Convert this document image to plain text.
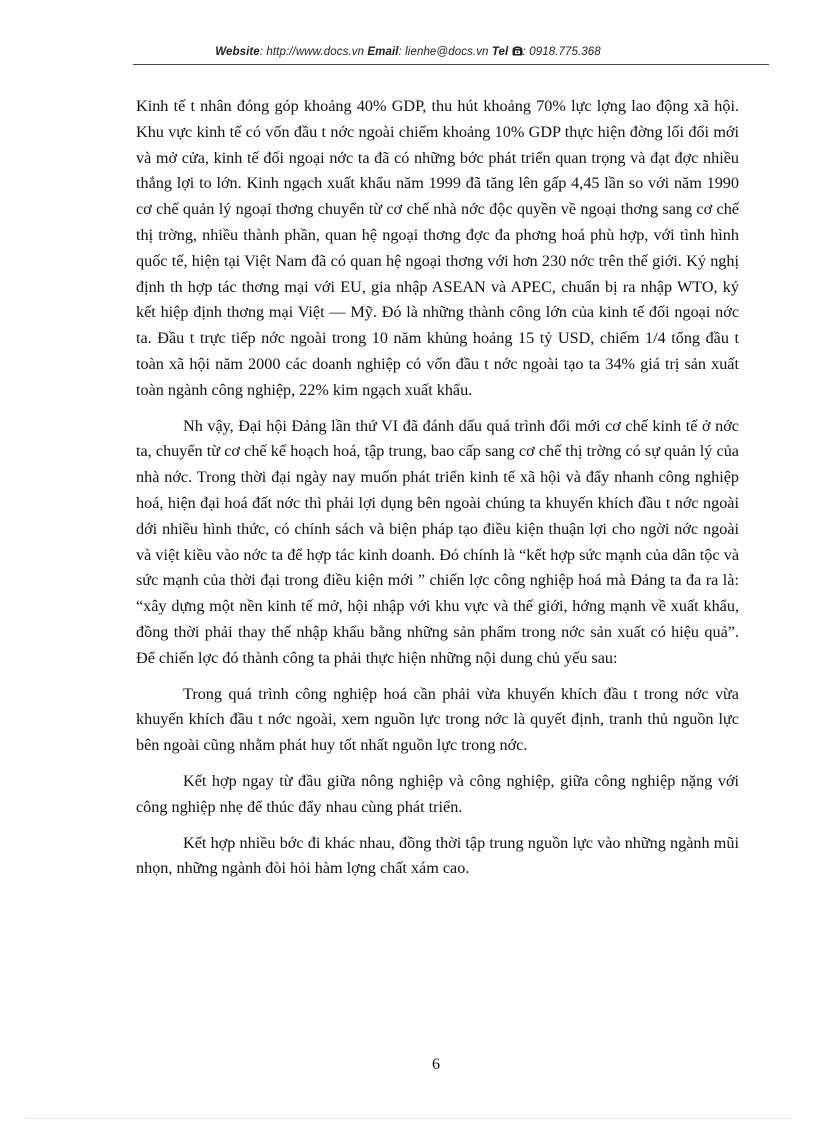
Website: http://www.docs.vn Email: lienhe@docs.vn Tel : 0918.775.368

Kinh tế t nhân đóng góp khoảng 40% GDP, thu hút khoảng 70% lực lợng lao động xã hội. Khu vực kinh tế có vốn đầu t nớc ngoài chiếm khoảng 10% GDP thực hiện đờng lối đổi mới và mở cửa, kinh tế đối ngoại nớc ta đã có những bớc phát triển quan trọng và đạt đợc nhiều thắng lợi to lớn. Kinh ngạch xuất khẩu năm 1999 đã tăng lên gấp 4,45 lần so với năm 1990 cơ chế quản lý ngoại thơng chuyển từ cơ chế nhà nớc độc quyền về ngoại thơng sang cơ chế thị trờng, nhiều thành phần, quan hệ ngoại thơng đợc đa phơng hoá phù hợp, với tình hình quốc tế, hiện tại Việt Nam đã có quan hệ ngoại thơng với hơn 230 nớc trên thế giới. Ký nghị định th hợp tác thơng mại với EU, gia nhập ASEAN và APEC, chuẩn bị ra nhập WTO, ký kết hiệp định thơng mại Việt — Mỹ. Đó là những thành công lớn của kinh tế đối ngoại nớc ta. Đầu t trực tiếp nớc ngoài trong 10 năm khủng hoảng 15 tỷ USD, chiếm 1/4 tổng đầu t toàn xã hội năm 2000 các doanh nghiệp có vốn đầu t nớc ngoài tạo ta 34% giá trị sản xuất toàn ngành công nghiệp, 22% kim ngạch xuất khẩu.

Nh vậy, Đại hội Đảng lần thứ VI đã đánh dấu quá trình đổi mới cơ chế kinh tế ở nớc ta, chuyển từ cơ chế kế hoạch hoá, tập trung, bao cấp sang cơ chế thị trờng có sự quản lý của nhà nớc. Trong thời đại ngày nay muốn phát triển kinh tế xã hội và đẩy nhanh công nghiệp hoá, hiện đại hoá đất nớc thì phải lợi dụng bên ngoài chúng ta khuyến khích đầu t nớc ngoài dới nhiều hình thức, có chính sách và biện pháp tạo điều kiện thuận lợi cho ngời nớc ngoài và việt kiều vào nớc ta để hợp tác kinh doanh. Đó chính là “kết hợp sức mạnh của dân tộc và sức mạnh của thời đại trong điều kiện mới ” chiến lợc công nghiệp hoá mà Đảng ta đa ra là: “xây dựng một nền kinh tế mở, hội nhập với khu vực và thế giới, hớng mạnh về xuất khẩu, đồng thời phải thay thế nhập khẩu bằng những sản phẩm trong nớc sản xuất có hiệu quả”. Để chiến lợc đó thành công ta phải thực hiện những nội dung chủ yếu sau:

Trong quá trình công nghiệp hoá cần phải vừa khuyến khích đầu t trong nớc vừa khuyến khích đầu t nớc ngoài, xem nguồn lực trong nớc là quyết định, tranh thủ nguồn lực bên ngoài cũng nhằm phát huy tốt nhất nguồn lực trong nớc.

Kết hợp ngay từ đầu giữa nông nghiệp và công nghiệp, giữa công nghiệp nặng với công nghiệp nhẹ để thúc đẩy nhau cùng phát triển.

Kết hợp nhiều bớc đi khác nhau, đồng thời tập trung nguồn lực vào những ngành mũi nhọn, những ngành đòi hỏi hàm lợng chất xám cao.

6
